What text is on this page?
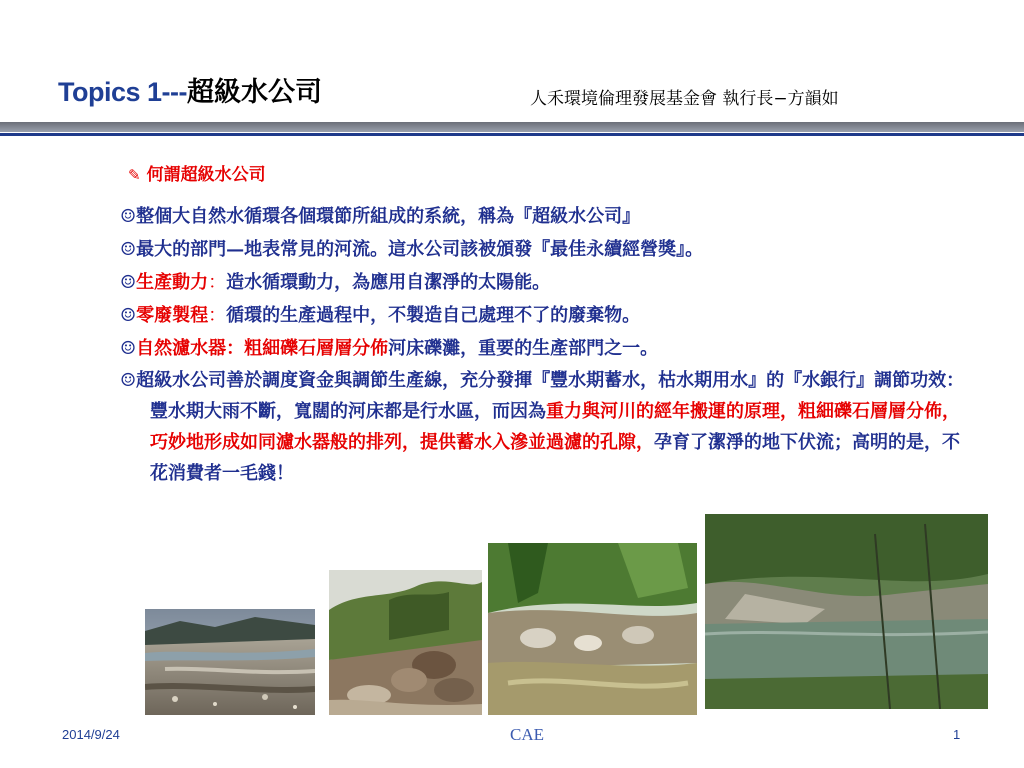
Topics 1---超級水公司	人禾環境倫理發展基金會 執行長−方韻如
✎ 何謂超級水公司
☺整個大自然水循環各個環節所組成的系統，稱為『超級水公司』
☺最大的部門—地表常見的河流。這水公司該被頒發『最佳永續經營獎』。
☺生產動力：造水循環動力，為應用自潔淨的太陽能。
☺零廢製程：循環的生產過程中，不製造自己處理不了的廢棄物。
☺自然濾水器：粗細礫石層層分佈河床礫灘，重要的生產部門之一。
☺超級水公司善於調度資金與調節生產線，充分發揮『豐水期蓄水，枯水期用水』的『水銀行』調節功效：豐水期大雨不斷，寬闊的河床都是行水區，而因為重力與河川的經年搬運的原理，粗細礫石層層分佈，巧妙地形成如同濾水器般的排列，提供蓄水入滲並過濾的孔隙，孕育了潔淨的地下伏流；高明的是，不花消費者一毛錢！
2014/9/24	CAE	1
